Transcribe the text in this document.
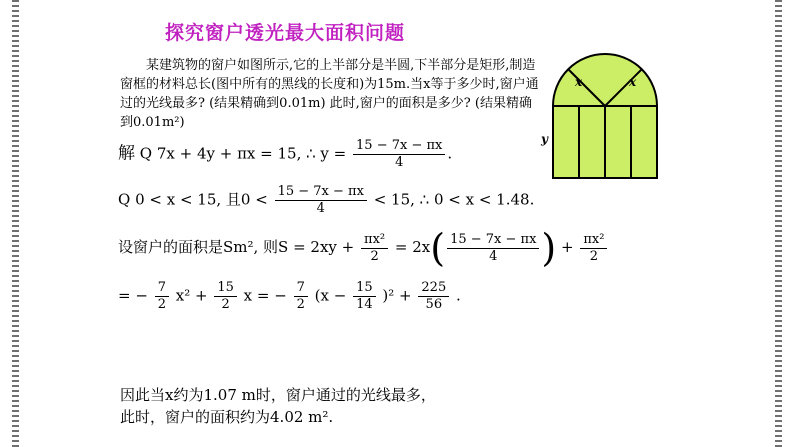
探究窗户透光最大面积问题

某建筑物的窗户如图所示,它的上半部分是半圆,下半部分是矩形,制造窗框的材料总长(图中所有的黑线的长度和)为15m.当x等于多少时,窗户通过的光线最多? (结果精确到0.01m) 此时,窗户的面积是多少? (结果精确到0.01m²)

x	x
y
解 Q 7x + 4y + πx = 15, ∴ $y = \frac{15 - 7x - \pi x}{4}$ .
Q 0 < x < 15, 且$0 < \frac{15 - 7x - \pi x}{4} < 15$, ∴ 0 < x < 1.48.
设窗户的面积是Sm², 则$S = 2xy + \frac{\text{πx²}}{2} = 2x( \frac{15 - 7x - \pi x}{4}$ ) + $\frac{\text{πx²}}{2}$
= − $\frac{7}{2} x^2 + \frac{15}{2}$ x = − $\frac{7}{2} (x - \frac{15}{14} )^2 + \frac{225}{56}$ .
因此当x约为1.07 m时，窗户通过的光线最多，
此时，窗户的面积约为4.02 m².
